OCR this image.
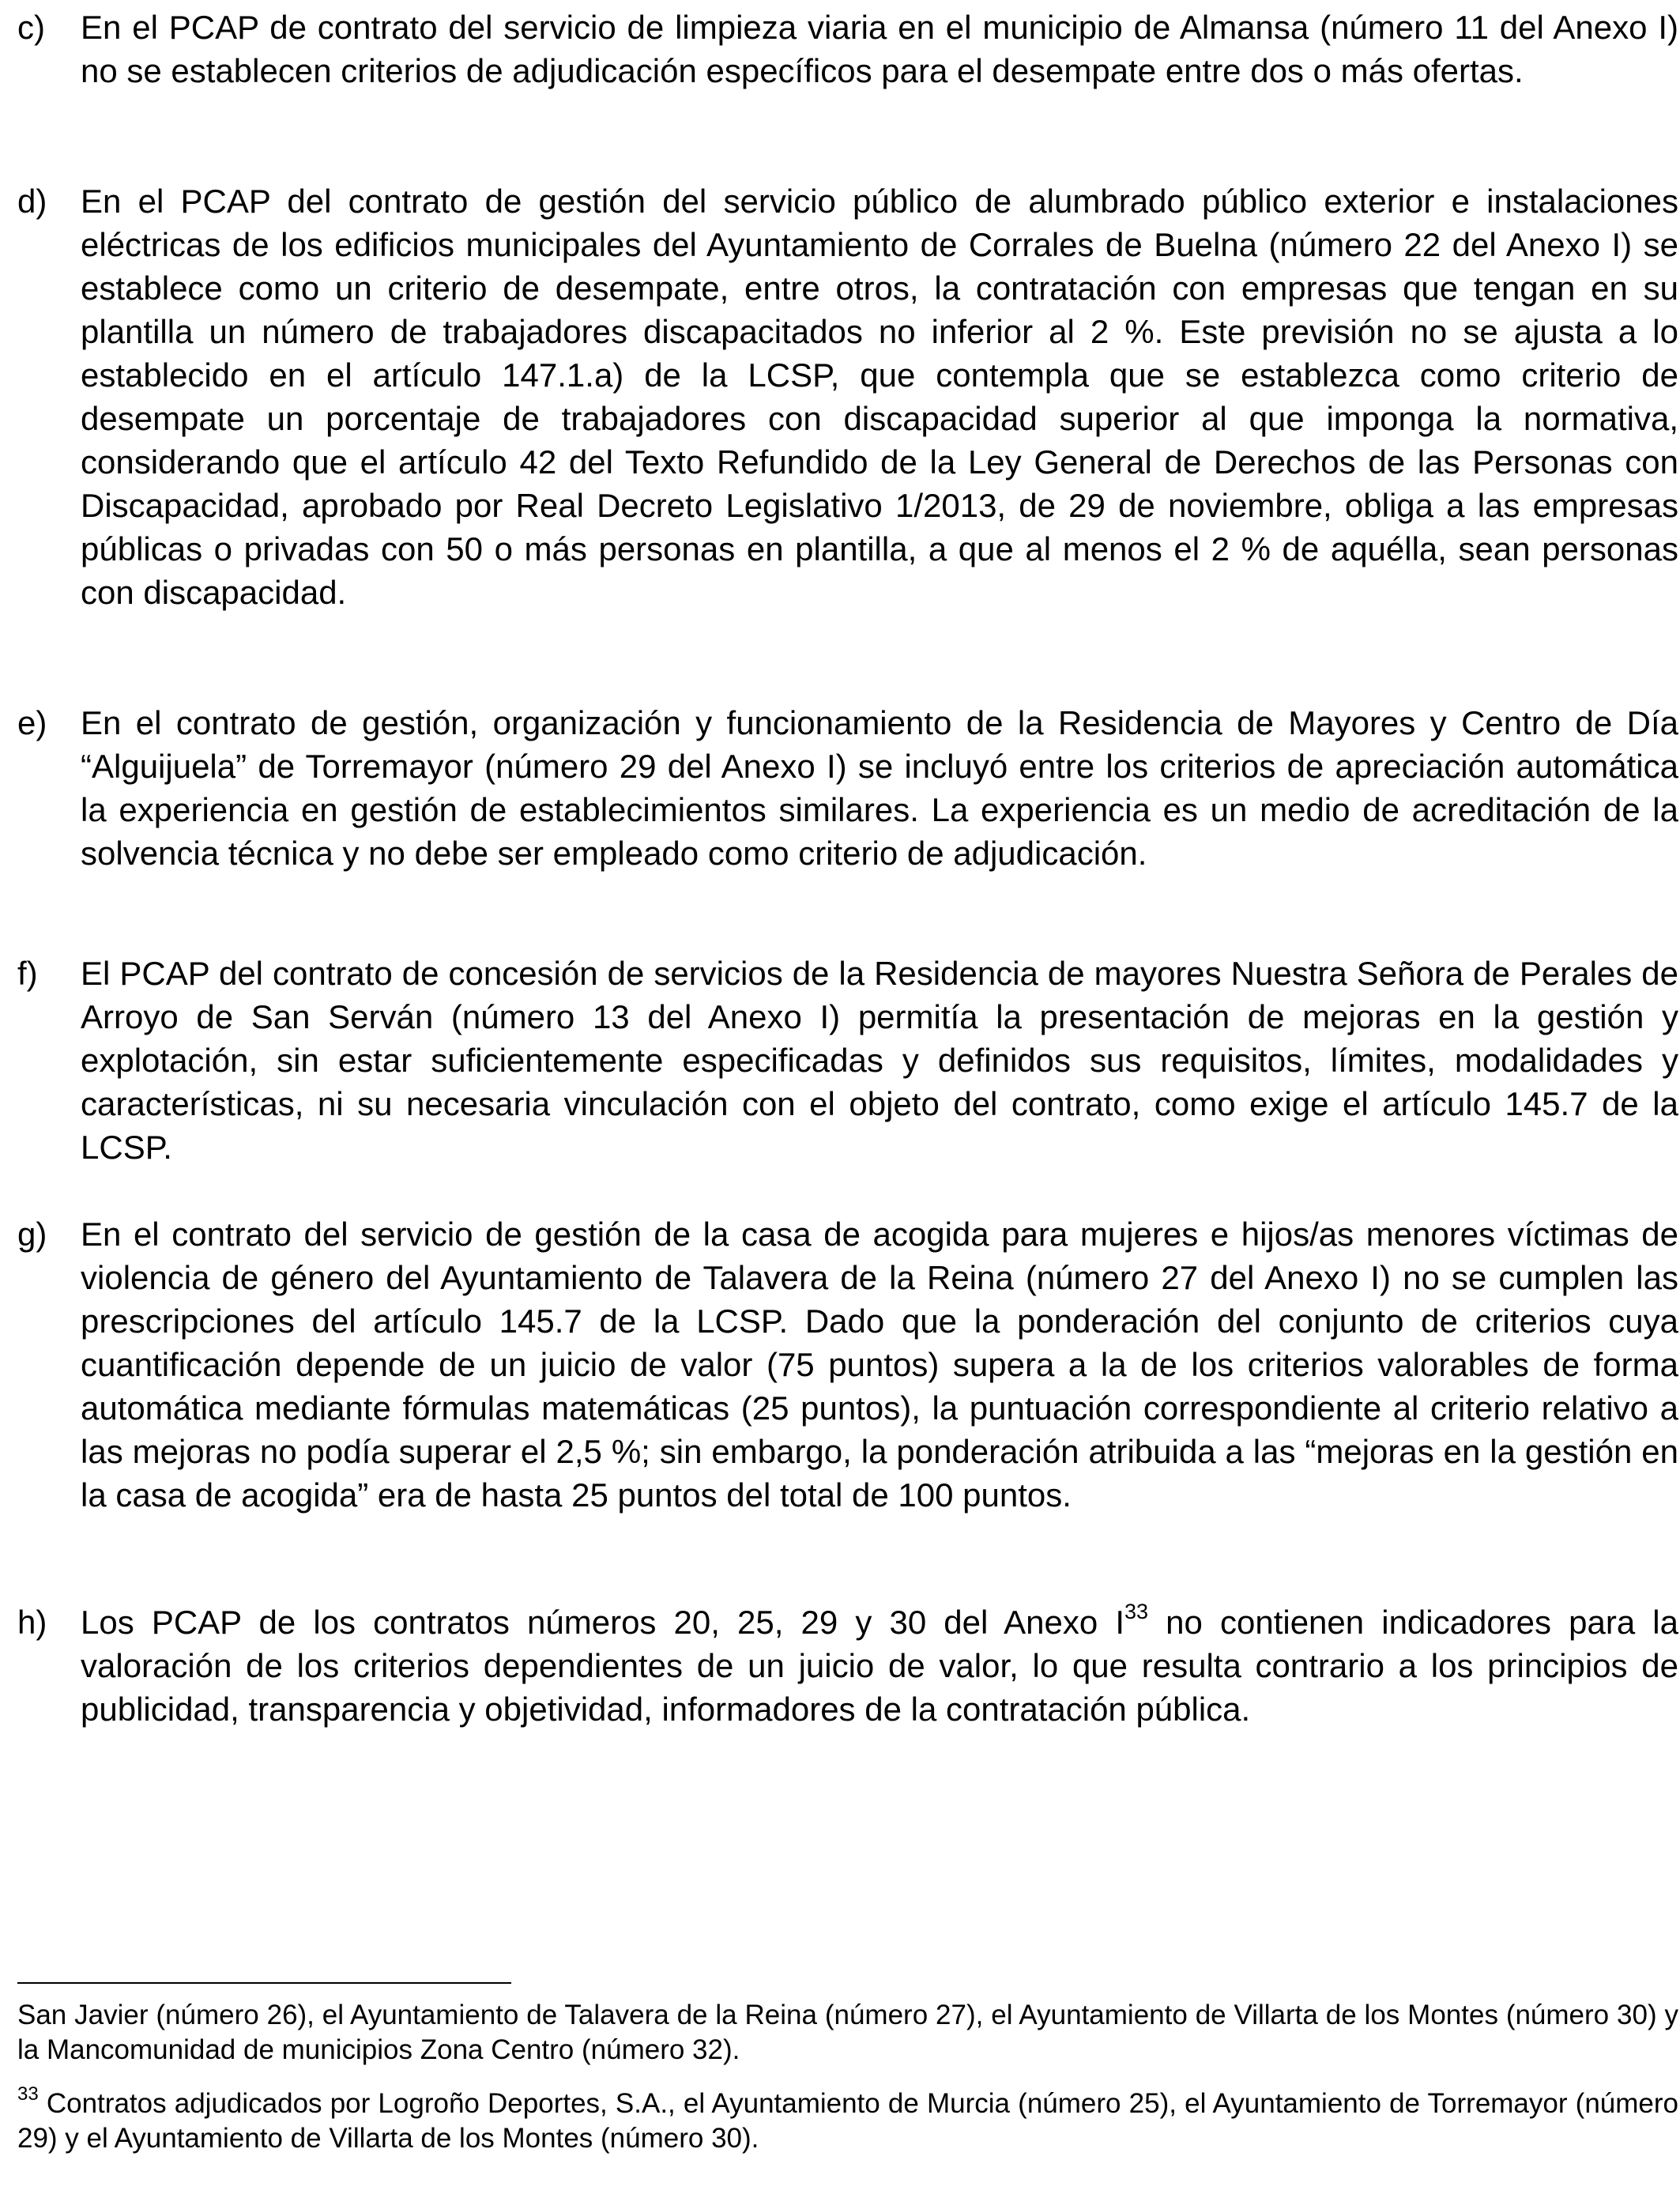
c)	En el PCAP de contrato del servicio de limpieza viaria en el municipio de Almansa (número 11 del Anexo I) no se establecen criterios de adjudicación específicos para el desempate entre dos o más ofertas.
d)	En el PCAP del contrato de gestión del servicio público de alumbrado público exterior e instalaciones eléctricas de los edificios municipales del Ayuntamiento de Corrales de Buelna (número 22 del Anexo I) se establece como un criterio de desempate, entre otros, la contratación con empresas que tengan en su plantilla un número de trabajadores discapacitados no inferior al 2 %. Este previsión no se ajusta a lo establecido en el artículo 147.1.a) de la LCSP, que contempla que se establezca como criterio de desempate un porcentaje de trabajadores con discapacidad superior al que imponga la normativa, considerando que el artículo 42 del Texto Refundido de la Ley General de Derechos de las Personas con Discapacidad, aprobado por Real Decreto Legislativo 1/2013, de 29 de noviembre, obliga a las empresas públicas o privadas con 50 o más personas en plantilla, a que al menos el 2 % de aquélla, sean personas con discapacidad.
e)	En el contrato de gestión, organización y funcionamiento de la Residencia de Mayores y Centro de Día “Alguijuela” de Torremayor (número 29 del Anexo I) se incluyó entre los criterios de apreciación automática la experiencia en gestión de establecimientos similares. La experiencia es un medio de acreditación de la solvencia técnica y no debe ser empleado como criterio de adjudicación.
f)	El PCAP del contrato de concesión de servicios de la Residencia de mayores Nuestra Señora de Perales de Arroyo de San Serván (número 13 del Anexo I) permitía la presentación de mejoras en la gestión y explotación, sin estar suficientemente especificadas y definidos sus requisitos, límites, modalidades y características, ni su necesaria vinculación con el objeto del contrato, como exige el artículo 145.7 de la LCSP.
g)	En el contrato del servicio de gestión de la casa de acogida para mujeres e hijos/as menores víctimas de violencia de género del Ayuntamiento de Talavera de la Reina (número 27 del Anexo I) no se cumplen las prescripciones del artículo 145.7 de la LCSP. Dado que la ponderación del conjunto de criterios cuya cuantificación depende de un juicio de valor (75 puntos) supera a la de los criterios valorables de forma automática mediante fórmulas matemáticas (25 puntos), la puntuación correspondiente al criterio relativo a las mejoras no podía superar el 2,5 %; sin embargo, la ponderación atribuida a las “mejoras en la gestión en la casa de acogida” era de hasta 25 puntos del total de 100 puntos.
h)	Los PCAP de los contratos números 20, 25, 29 y 30 del Anexo $I^{33}$ no contienen indicadores para la valoración de los criterios dependientes de un juicio de valor, lo que resulta contrario a los principios de publicidad, transparencia y objetividad, informadores de la contratación pública.
San Javier (número 26), el Ayuntamiento de Talavera de la Reina (número 27), el Ayuntamiento de Villarta de los Montes (número 30) y la Mancomunidad de municipios Zona Centro (número 32).
$^{33}$ Contratos adjudicados por Logroño Deportes, S.A., el Ayuntamiento de Murcia (número 25), el Ayuntamiento de Torremayor (número 29) y el Ayuntamiento de Villarta de los Montes (número 30).
